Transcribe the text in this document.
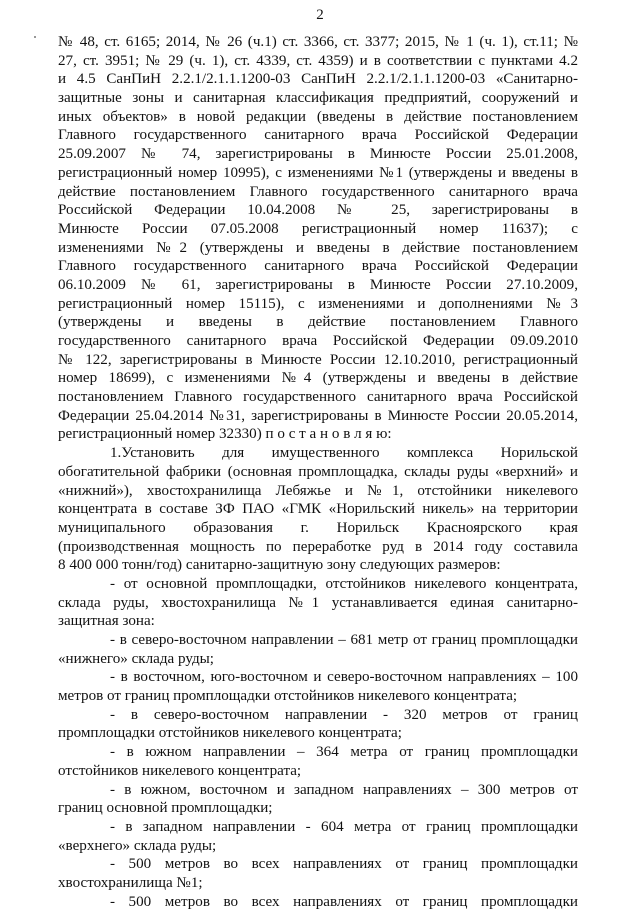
2
№ 48, ст. 6165; 2014, № 26 (ч.1) ст. 3366, ст. 3377; 2015, № 1 (ч. 1), ст.11; №
27, ст. 3951; № 29 (ч. 1), ст. 4339, ст. 4359) и в соответствии с пунктами 4.2
и 4.5 СанПиН 2.2.1/2.1.1.1200-03 СанПиН 2.2.1/2.1.1.1200-03 «Санитарно-
защитные зоны и санитарная классификация предприятий, сооружений и
иных объектов» в новой редакции (введены в действие постановлением
Главного государственного санитарного врача Российской Федерации
25.09.2007 № 74, зарегистрированы в Минюсте России 25.01.2008,
регистрационный номер 10995), с изменениями №1 (утверждены и введены в
действие постановлением Главного государственного санитарного врача
Российской Федерации 10.04.2008 № 25, зарегистрированы в
Минюсте России 07.05.2008 регистрационный номер 11637); с
изменениями №2 (утверждены и введены в действие постановлением
Главного государственного санитарного врача Российской Федерации
06.10.2009 № 61, зарегистрированы в Минюсте России 27.10.2009,
регистрационный номер 15115), с изменениями и дополнениями №3
(утверждены и введены в действие постановлением Главного
государственного санитарного врача Российской Федерации 09.09.2010
№ 122, зарегистрированы в Минюсте России 12.10.2010, регистрационный
номер 18699), с изменениями №4 (утверждены и введены в действие
постановлением Главного государственного санитарного врача Российской
Федерации 25.04.2014 №31, зарегистрированы в Минюсте России 20.05.2014,
регистрационный номер 32330) п о с т а н о в л я ю:
1.Установить для имущественного комплекса Норильской
обогатительной фабрики (основная промплощадка, склады руды «верхний» и
«нижний»), хвостохранилища Лебяжье и №1, отстойники никелевого
концентрата в составе ЗФ ПАО «ГМК «Норильский никель» на территории
муниципального образования г. Норильск Красноярского края
(производственная мощность по переработке руд в 2014 году составила
8 400 000 тонн/год) санитарно-защитную зону следующих размеров:
- от основной промплощадки, отстойников никелевого концентрата,
склада руды, хвостохранилища №1 устанавливается единая санитарно-
защитная зона:
- в северо-восточном направлении – 681 метр от границ промплощадки
«нижнего» склада руды;
- в восточном, юго-восточном и северо-восточном направлениях – 100
метров от границ промплощадки отстойников никелевого концентрата;
- в северо-восточном направлении - 320 метров от границ
промплощадки отстойников никелевого концентрата;
- в южном направлении – 364 метра от границ промплощадки
отстойников никелевого концентрата;
- в южном, восточном и западном направлениях – 300 метров от
границ основной промплощадки;
- в западном направлении - 604 метра от границ промплощадки
«верхнего» склада руды;
- 500 метров во всех направлениях от границ промплощадки
хвостохранилища №1;
- 500 метров во всех направлениях от границ промплощадки
